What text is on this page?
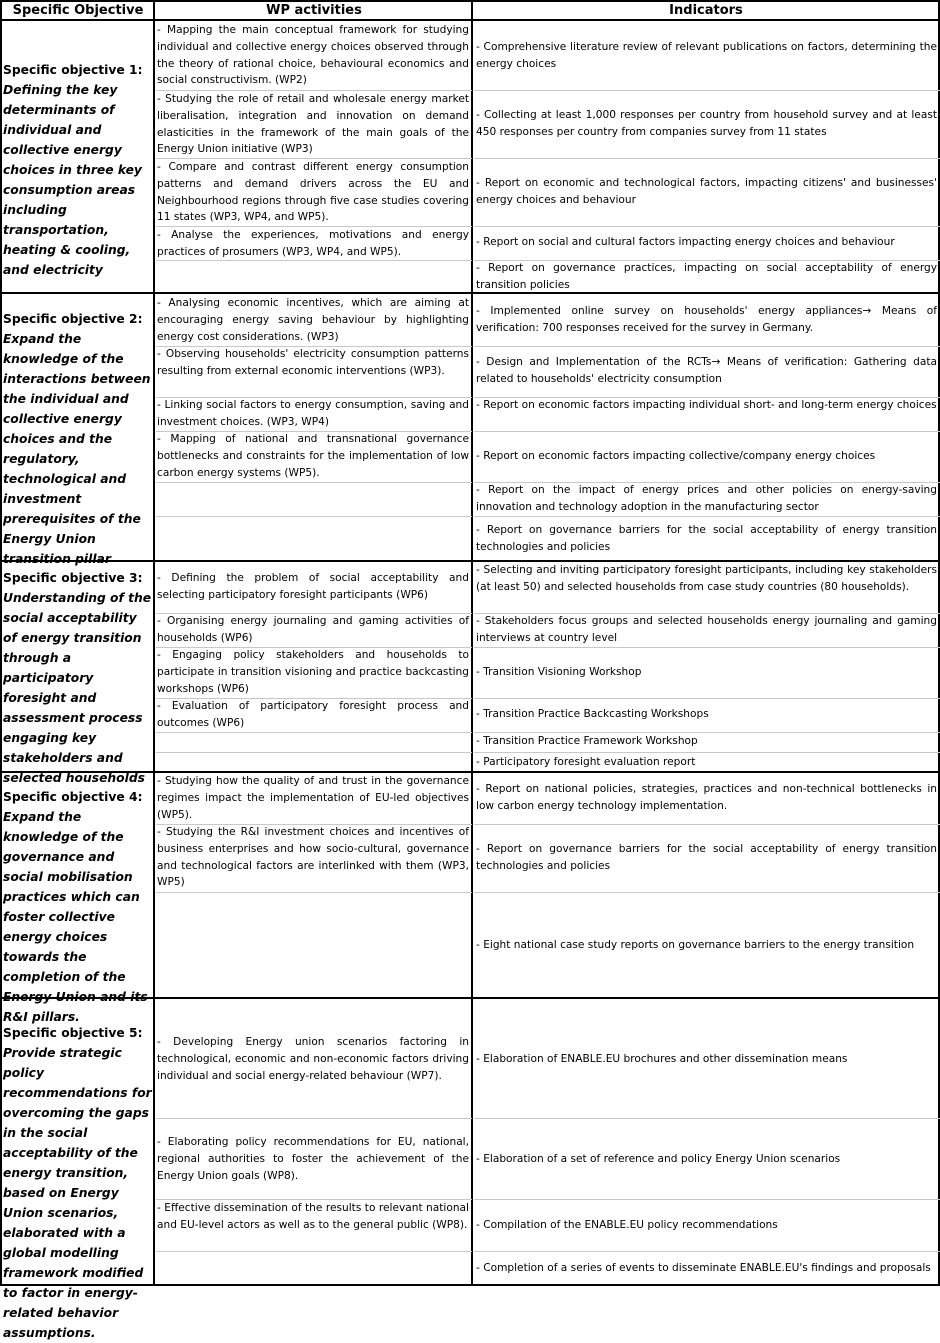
Specific Objective	WP activities	Indicators
Specific objective 1:
Defining the key determinants of individual and collective energy choices in three key consumption areas including transportation, heating & cooling, and electricity
- Mapping the main conceptual framework for studying individual and collective energy choices observed through the theory of rational choice, behavioural economics and social constructivism. (WP2)
- Studying the role of retail and wholesale energy market liberalisation, integration and innovation on demand elasticities in the framework of the main goals of the Energy Union initiative (WP3)
- Compare and contrast different energy consumption patterns and demand drivers across the EU and Neighbourhood regions through five case studies covering 11 states (WP3, WP4, and WP5).
- Analyse the experiences, motivations and energy practices of prosumers (WP3, WP4, and WP5).
- Comprehensive literature review of relevant publications on factors, determining the energy choices
- Collecting at least 1,000 responses per country from household survey and at least 450 responses per country from companies survey from 11 states
- Report on economic and technological factors, impacting citizens' and businesses' energy choices and behaviour
- Report on social and cultural factors impacting energy choices and behaviour
- Report on governance practices, impacting on social acceptability of energy transition policies
Specific objective 2:
Expand the knowledge of the interactions between the individual and collective energy choices and the regulatory, technological and investment prerequisites of the Energy Union transition pillar
- Analysing economic incentives, which are aiming at encouraging energy saving behaviour by highlighting energy cost considerations. (WP3)
- Observing households' electricity consumption patterns resulting from external economic interventions (WP3).
- Linking social factors to energy consumption, saving and investment choices. (WP3, WP4)
- Mapping of national and transnational governance bottlenecks and constraints for the implementation of low carbon energy systems (WP5).
- Implemented online survey on households' energy appliances→ Means of verification: 700 responses received for the survey in Germany.
- Design and Implementation of the RCTs→ Means of verification: Gathering data related to households' electricity consumption
- Report on economic factors impacting individual short- and long-term energy choices
- Report on economic factors impacting collective/company energy choices
- Report on the impact of energy prices and other policies on energy-saving innovation and technology adoption in the manufacturing sector
- Report on governance barriers for the social acceptability of energy transition technologies and policies
Specific objective 3:
Understanding of the social acceptability of energy transition through a participatory foresight and assessment process engaging key stakeholders and selected households
- Defining the problem of social acceptability and selecting participatory foresight participants (WP6)
- Organising energy journaling and gaming activities of households (WP6)
- Engaging policy stakeholders and households to participate in transition visioning and practice backcasting workshops (WP6)
- Evaluation of participatory foresight process and outcomes (WP6)
- Selecting and inviting participatory foresight participants, including key stakeholders (at least 50) and selected households from case study countries (80 households).
- Stakeholders focus groups and selected households energy journaling and gaming interviews at country level
- Transition Visioning Workshop
- Transition Practice Backcasting Workshops
- Transition Practice Framework Workshop
- Participatory foresight evaluation report
Specific objective 4:
Expand the knowledge of the governance and social mobilisation practices which can foster collective energy choices towards the completion of the Energy Union and its R&I pillars.
- Studying how the quality of and trust in the governance regimes impact the implementation of EU-led objectives (WP5).
- Studying the R&I investment choices and incentives of business enterprises and how socio-cultural, governance and technological factors are interlinked with them (WP3, WP5)
- Report on national policies, strategies, practices and non-technical bottlenecks in low carbon energy technology implementation.
- Report on governance barriers for the social acceptability of energy transition technologies and policies
- Eight national case study reports on governance barriers to the energy transition
Specific objective 5:
Provide strategic policy recommendations for overcoming the gaps in the social acceptability of the energy transition, based on Energy Union scenarios, elaborated with a global modelling framework modified to factor in energy-related behavior assumptions.
- Developing Energy union scenarios factoring in technological, economic and non-economic factors driving individual and social energy-related behaviour (WP7).
- Elaborating policy recommendations for EU, national, regional authorities to foster the achievement of the Energy Union goals (WP8).
- Effective dissemination of the results to relevant national and EU-level actors as well as to the general public (WP8).
- Elaboration of ENABLE.EU brochures and other dissemination means
- Elaboration of a set of reference and policy Energy Union scenarios
- Compilation of the ENABLE.EU policy recommendations
- Completion of a series of events to disseminate ENABLE.EU's findings and proposals
